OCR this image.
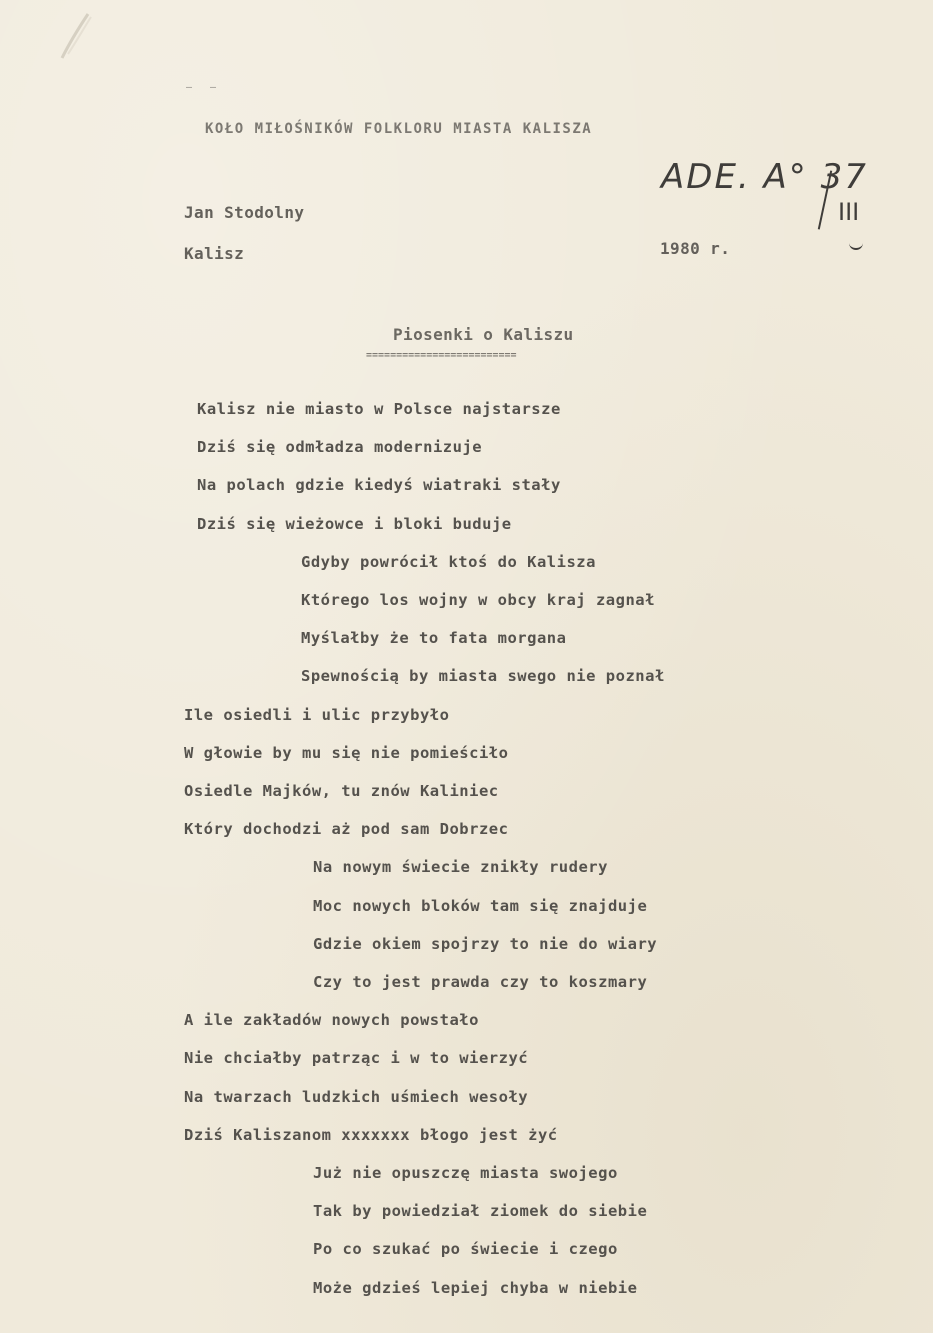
‒ ‒
KOŁO MIŁOŚNIKÓW FOLKLORU MIASTA KALISZA
ADE. A° 37
III
Jan Stodolny
Kalisz	1980 r.
Piosenki o Kaliszu
=========================
Kalisz nie miasto w Polsce najstarsze
Dziś się odmładza modernizuje
Na polach gdzie kiedyś wiatraki stały
Dziś się wieżowce i bloki buduje
Gdyby powrócił ktoś do Kalisza
Którego los wojny w obcy kraj zagnał
Myślałby że to fata morgana
Spewnością by miasta swego nie poznał
Ile osiedli i ulic przybyło
W głowie by mu się nie pomieściło
Osiedle Majków, tu znów Kaliniec
Który dochodzi aż pod sam Dobrzec
Na nowym świecie znikły rudery
Moc nowych bloków tam się znajduje
Gdzie okiem spojrzy to nie do wiary
Czy to jest prawda czy to koszmary
A ile zakładów nowych powstało
Nie chciałby patrząc i w to wierzyć
Na twarzach ludzkich uśmiech wesoły
Dziś Kaliszanom xxxxxxx błogo jest żyć
Już nie opuszczę miasta swojego
Tak by powiedział ziomek do siebie
Po co szukać po świecie i czego
Może gdzieś lepiej chyba w niebie
